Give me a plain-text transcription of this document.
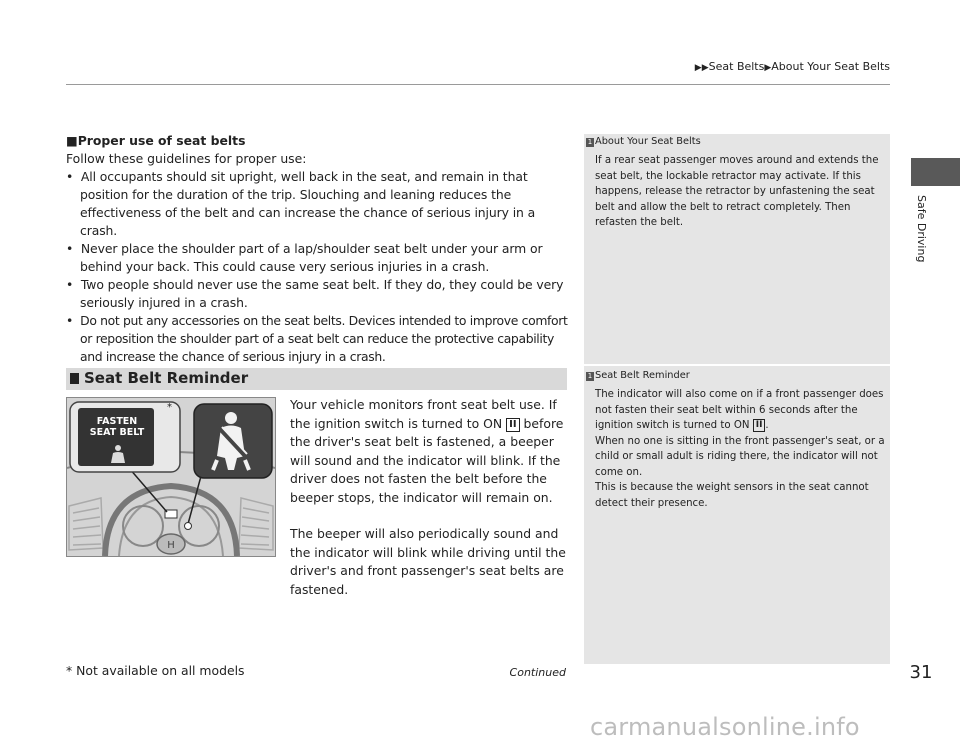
▶▶Seat Belts▶About Your Seat Belts
Safe Driving
■Proper use of seat belts

Follow these guidelines for proper use:

•  All occupants should sit upright, well back in the seat, and remain in that position for the duration of the trip. Slouching and leaning reduces the effectiveness of the belt and can increase the chance of serious injury in a crash.

•  Never place the shoulder part of a lap/shoulder seat belt under your arm or behind your back. This could cause very serious injuries in a crash.

•  Two people should never use the same seat belt. If they do, they could be very seriously injured in a crash.

•  Do not put any accessories on the seat belts. Devices intended to improve comfort or reposition the shoulder part of a seat belt can reduce the protective capability and increase the chance of serious injury in a crash.

Seat Belt Reminder
H
FASTEN
SEAT BELT
*	Your vehicle monitors front seat belt use. If the ignition switch is turned to ON II before the driver's seat belt is fastened, a beeper will sound and the indicator will blink. If the driver does not fasten the belt before the beeper stops, the indicator will remain on.

The beeper will also periodically sound and the indicator will blink while driving until the driver's and front passenger's seat belts are fastened.

1 About Your Seat Belts
If a rear seat passenger moves around and extends the seat belt, the lockable retractor may activate. If this happens, release the retractor by unfastening the seat belt and allow the belt to retract completely. Then refasten the belt.
1 Seat Belt Reminder
The indicator will also come on if a front passenger does not fasten their seat belt within 6 seconds after the ignition switch is turned to ON II .
When no one is sitting in the front passenger's seat, or a child or small adult is riding there, the indicator will not come on.
This is because the weight sensors in the seat cannot detect their presence.
* Not available on all models	Continued	31
carmanualsonline.info
